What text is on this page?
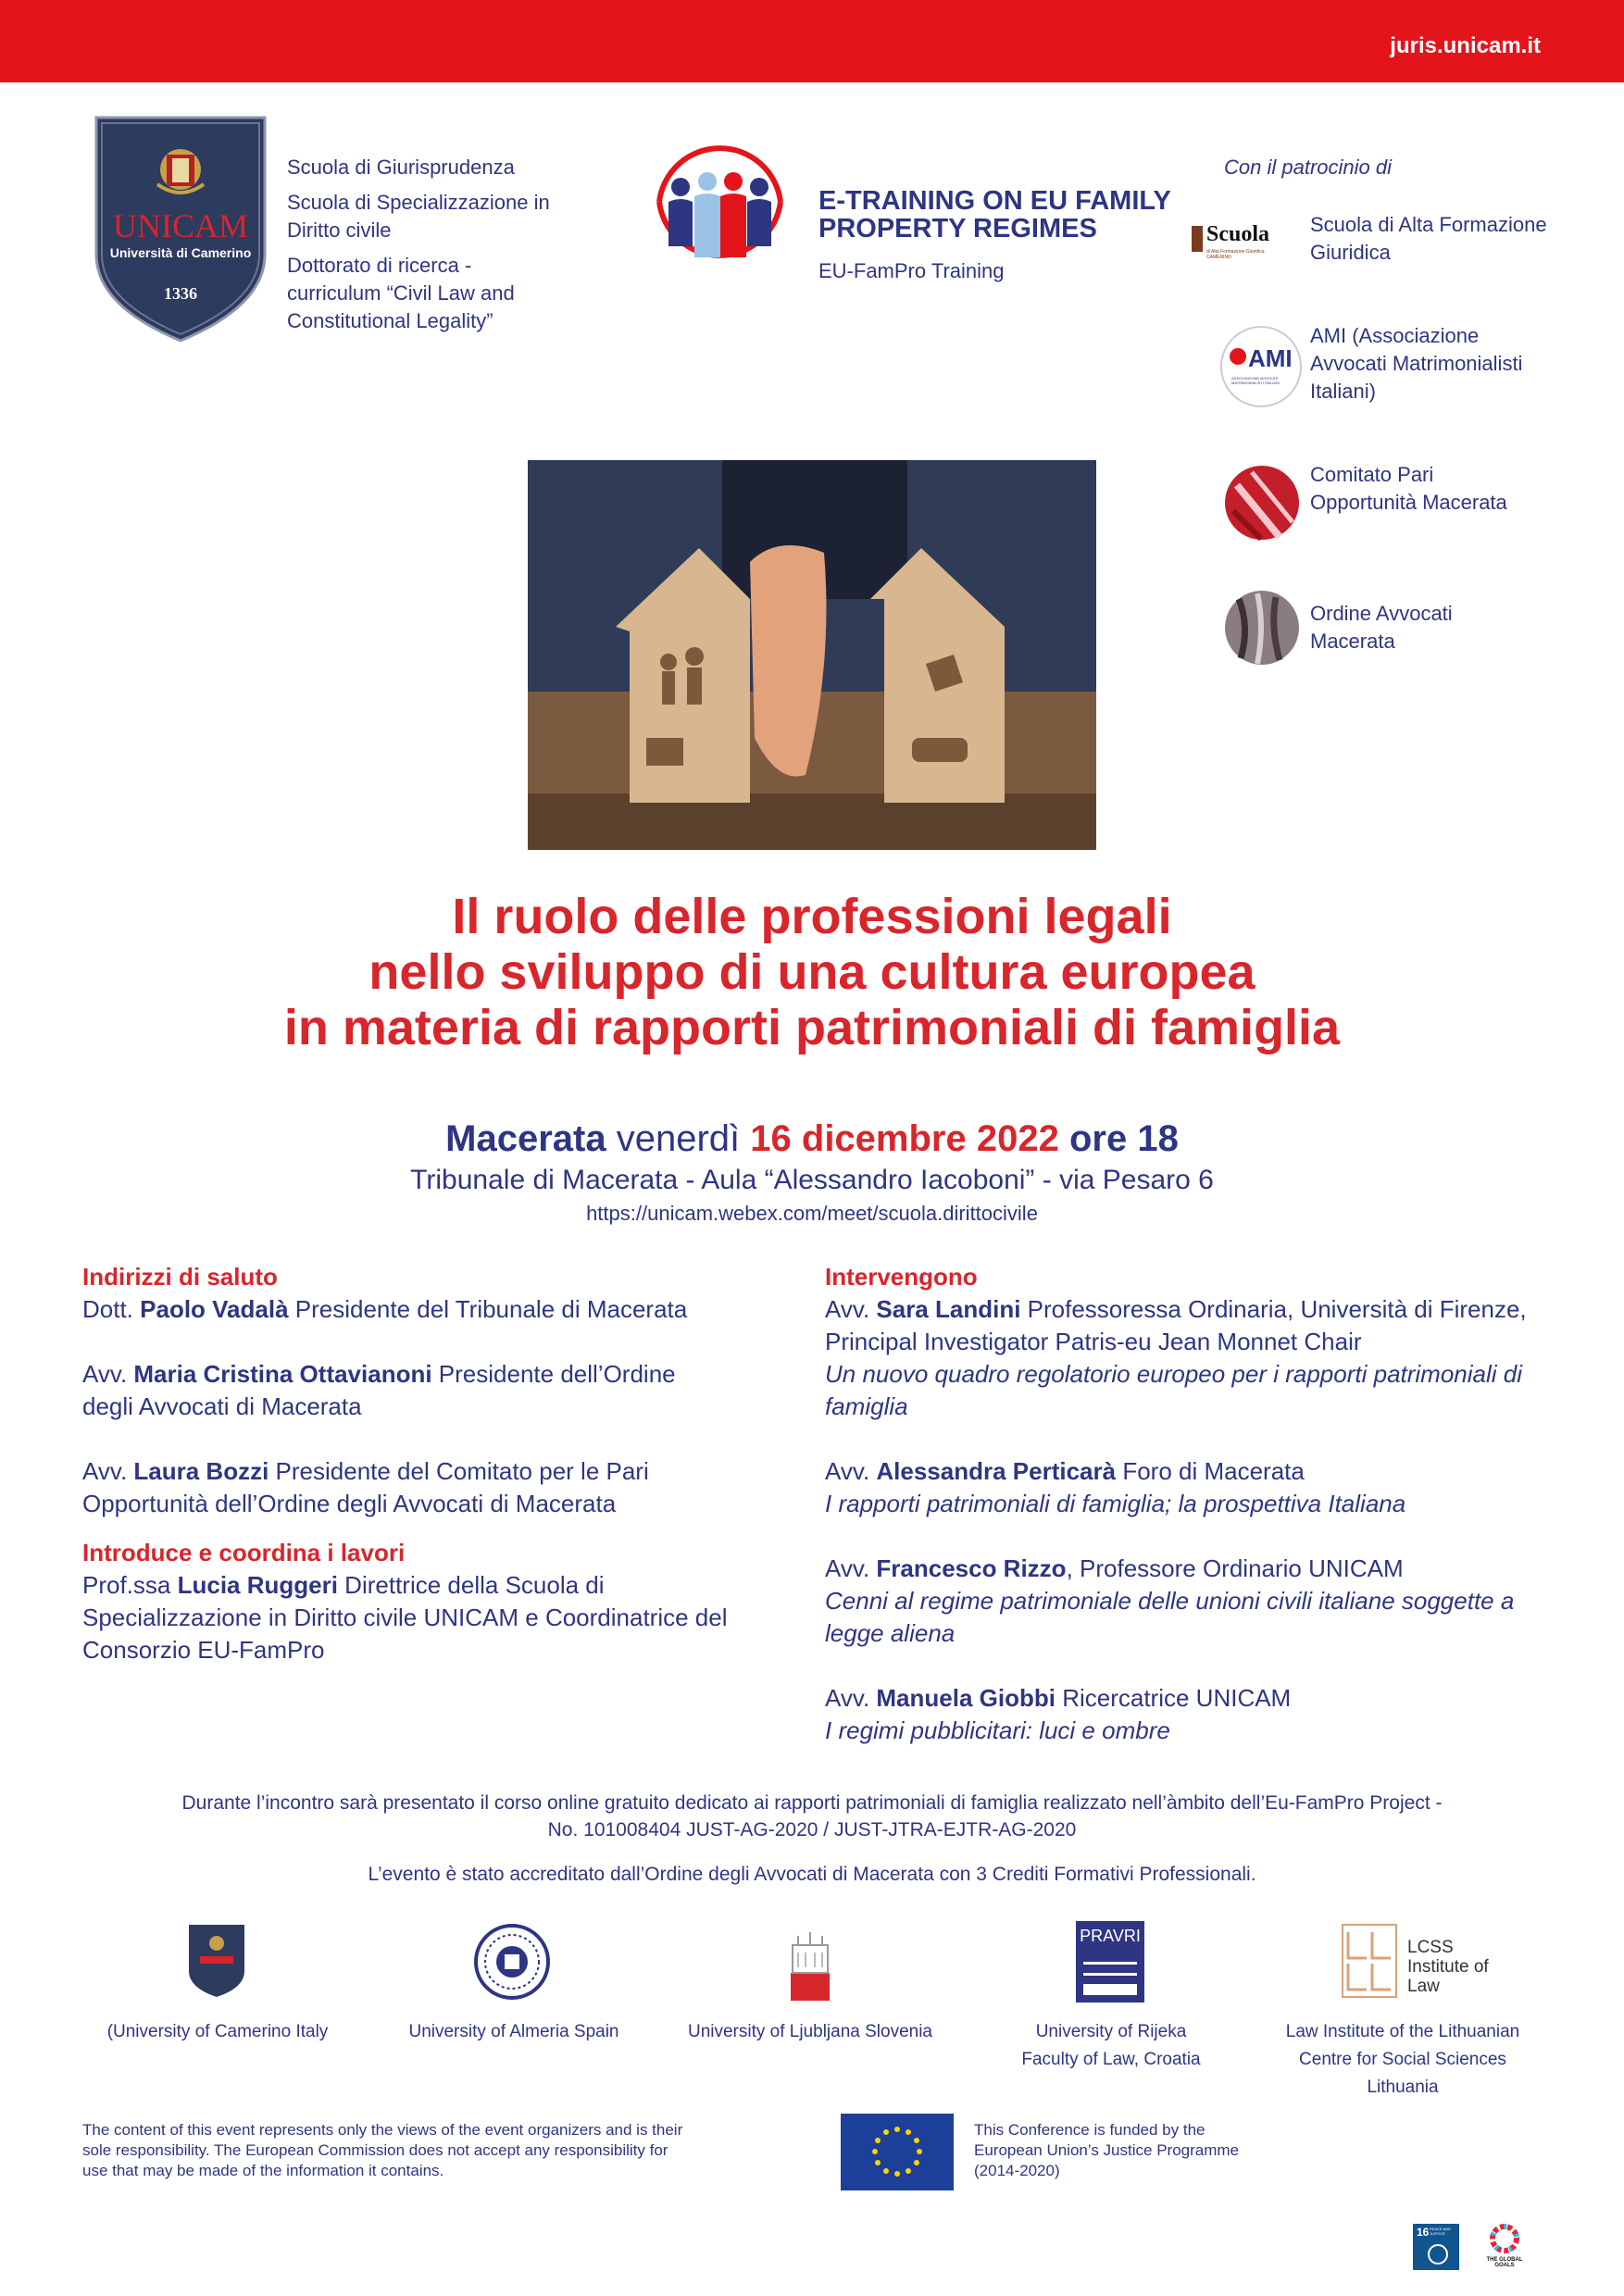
juris.unicam.it
UNICAM
Università di Camerino
1336

Scuola di Giurisprudenza

Scuola di Specializzazione in Diritto civile

Dottorato di ricerca - curriculum “Civil Law and Constitutional Legality”

E-TRAINING ON EU FAMILY
PROPERTY REGIMES
EU-FamPro Training
Con il patrocinio di
Scuola
di Alta Formazione Giuridica CAMERINO
Scuola di Alta Formazione Giuridica
AMI
ASSOCIAZIONE AVVOCATI MATRIMONIALISTI ITALIANI
AMI (Associazione Avvocati Matrimonialisti Italiani)
Comitato Pari Opportunità Macerata
Ordine Avvocati Macerata
Il ruolo delle professioni legali
nello sviluppo di una cultura europea
in materia di rapporti patrimoniali di famiglia
Macerata venerdì 16 dicembre 2022 ore 18
Tribunale di Macerata - Aula “Alessandro Iacoboni” - via Pesaro 6
https://unicam.webex.com/meet/scuola.dirittocivile
Indirizzi di saluto
Dott. Paolo Vadalà Presidente del Tribunale di Macerata
Avv. Maria Cristina Ottavianoni Presidente dell’Ordine degli Avvocati di Macerata
Avv. Laura Bozzi Presidente del Comitato per le Pari Opportunità dell’Ordine degli Avvocati di Macerata
Introduce e coordina i lavori
Prof.ssa Lucia Ruggeri Direttrice della Scuola di Specializzazione in Diritto civile UNICAM e Coordinatrice del Consorzio EU-FamPro
Intervengono
Avv. Sara Landini Professoressa Ordinaria, Università di Firenze, Principal Investigator Patris-eu Jean Monnet Chair
Un nuovo quadro regolatorio europeo per i rapporti patrimoniali di famiglia
Avv. Alessandra Perticarà Foro di Macerata
I rapporti patrimoniali di famiglia; la prospettiva Italiana
Avv. Francesco Rizzo, Professore Ordinario UNICAM
Cenni al regime patrimoniale delle unioni civili italiane soggette a legge aliena
Avv. Manuela Giobbi Ricercatrice UNICAM
I regimi pubblicitari: luci e ombre
Durante l’incontro sarà presentato il corso online gratuito dedicato ai rapporti patrimoniali di famiglia realizzato nell’àmbito dell’Eu-FamPro Project -
No. 101008404 JUST-AG-2020 / JUST-JTRA-EJTR-AG-2020
L’evento è stato accreditato dall’Ordine degli Avvocati di Macerata con 3 Crediti Formativi Professionali.
PRAVRI
LCSS Institute of Law
(University of Camerino Italy	University of Almeria Spain	University of Ljubljana Slovenia	University of Rijeka Faculty of Law, Croatia
Law Institute of the Lithuanian Centre for Social Sciences Lithuania
The content of this event represents only the views of the event organizers and is their sole responsibility. The European Commission does not accept any responsibility for use that may be made of the information it contains.
This Conference is funded by the European Union’s Justice Programme (2014-2020)
16 PEACE AND JUSTICE
THE GLOBAL GOALS
